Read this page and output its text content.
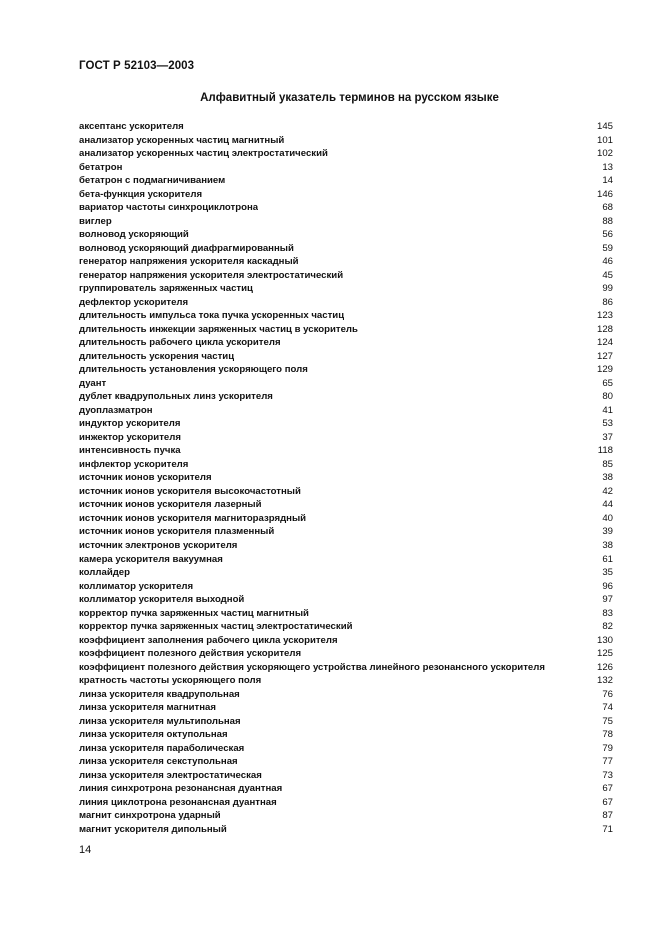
ГОСТ Р 52103—2003
Алфавитный указатель терминов на русском языке
аксептанс ускорителя	145
анализатор ускоренных частиц магнитный	101
анализатор ускоренных частиц электростатический	102
бетатрон	13
бетатрон с подмагничиванием	14
бета-функция ускорителя	146
вариатор частоты синхроциклотрона	68
виглер	88
волновод ускоряющий	56
волновод ускоряющий диафрагмированный	59
генератор напряжения ускорителя каскадный	46
генератор напряжения ускорителя электростатический	45
группирователь заряженных частиц	99
дефлектор ускорителя	86
длительность импульса тока пучка ускоренных частиц	123
длительность инжекции заряженных частиц в ускоритель	128
длительность рабочего цикла ускорителя	124
длительность ускорения частиц	127
длительность установления ускоряющего поля	129
дуант	65
дублет квадрупольных линз ускорителя	80
дуоплазматрон	41
индуктор ускорителя	53
инжектор ускорителя	37
интенсивность пучка	118
инфлектор ускорителя	85
источник ионов ускорителя	38
источник ионов ускорителя высокочастотный	42
источник ионов ускорителя лазерный	44
источник ионов ускорителя магниторазрядный	40
источник ионов ускорителя плазменный	39
источник электронов ускорителя	38
камера ускорителя вакуумная	61
коллайдер	35
коллиматор ускорителя	96
коллиматор ускорителя выходной	97
корректор пучка заряженных частиц магнитный	83
корректор пучка заряженных частиц электростатический	82
коэффициент заполнения рабочего цикла ускорителя	130
коэффициент полезного действия ускорителя	125
коэффициент полезного действия ускоряющего устройства линейного резонансного ускорителя	126
кратность частоты ускоряющего поля	132
линза ускорителя квадрупольная	76
линза ускорителя магнитная	74
линза ускорителя мультипольная	75
линза ускорителя октупольная	78
линза ускорителя параболическая	79
линза ускорителя секступольная	77
линза ускорителя электростатическая	73
линия синхротрона резонансная дуантная	67
линия циклотрона резонансная дуантная	67
магнит синхротрона ударный	87
магнит ускорителя дипольный	71
14
